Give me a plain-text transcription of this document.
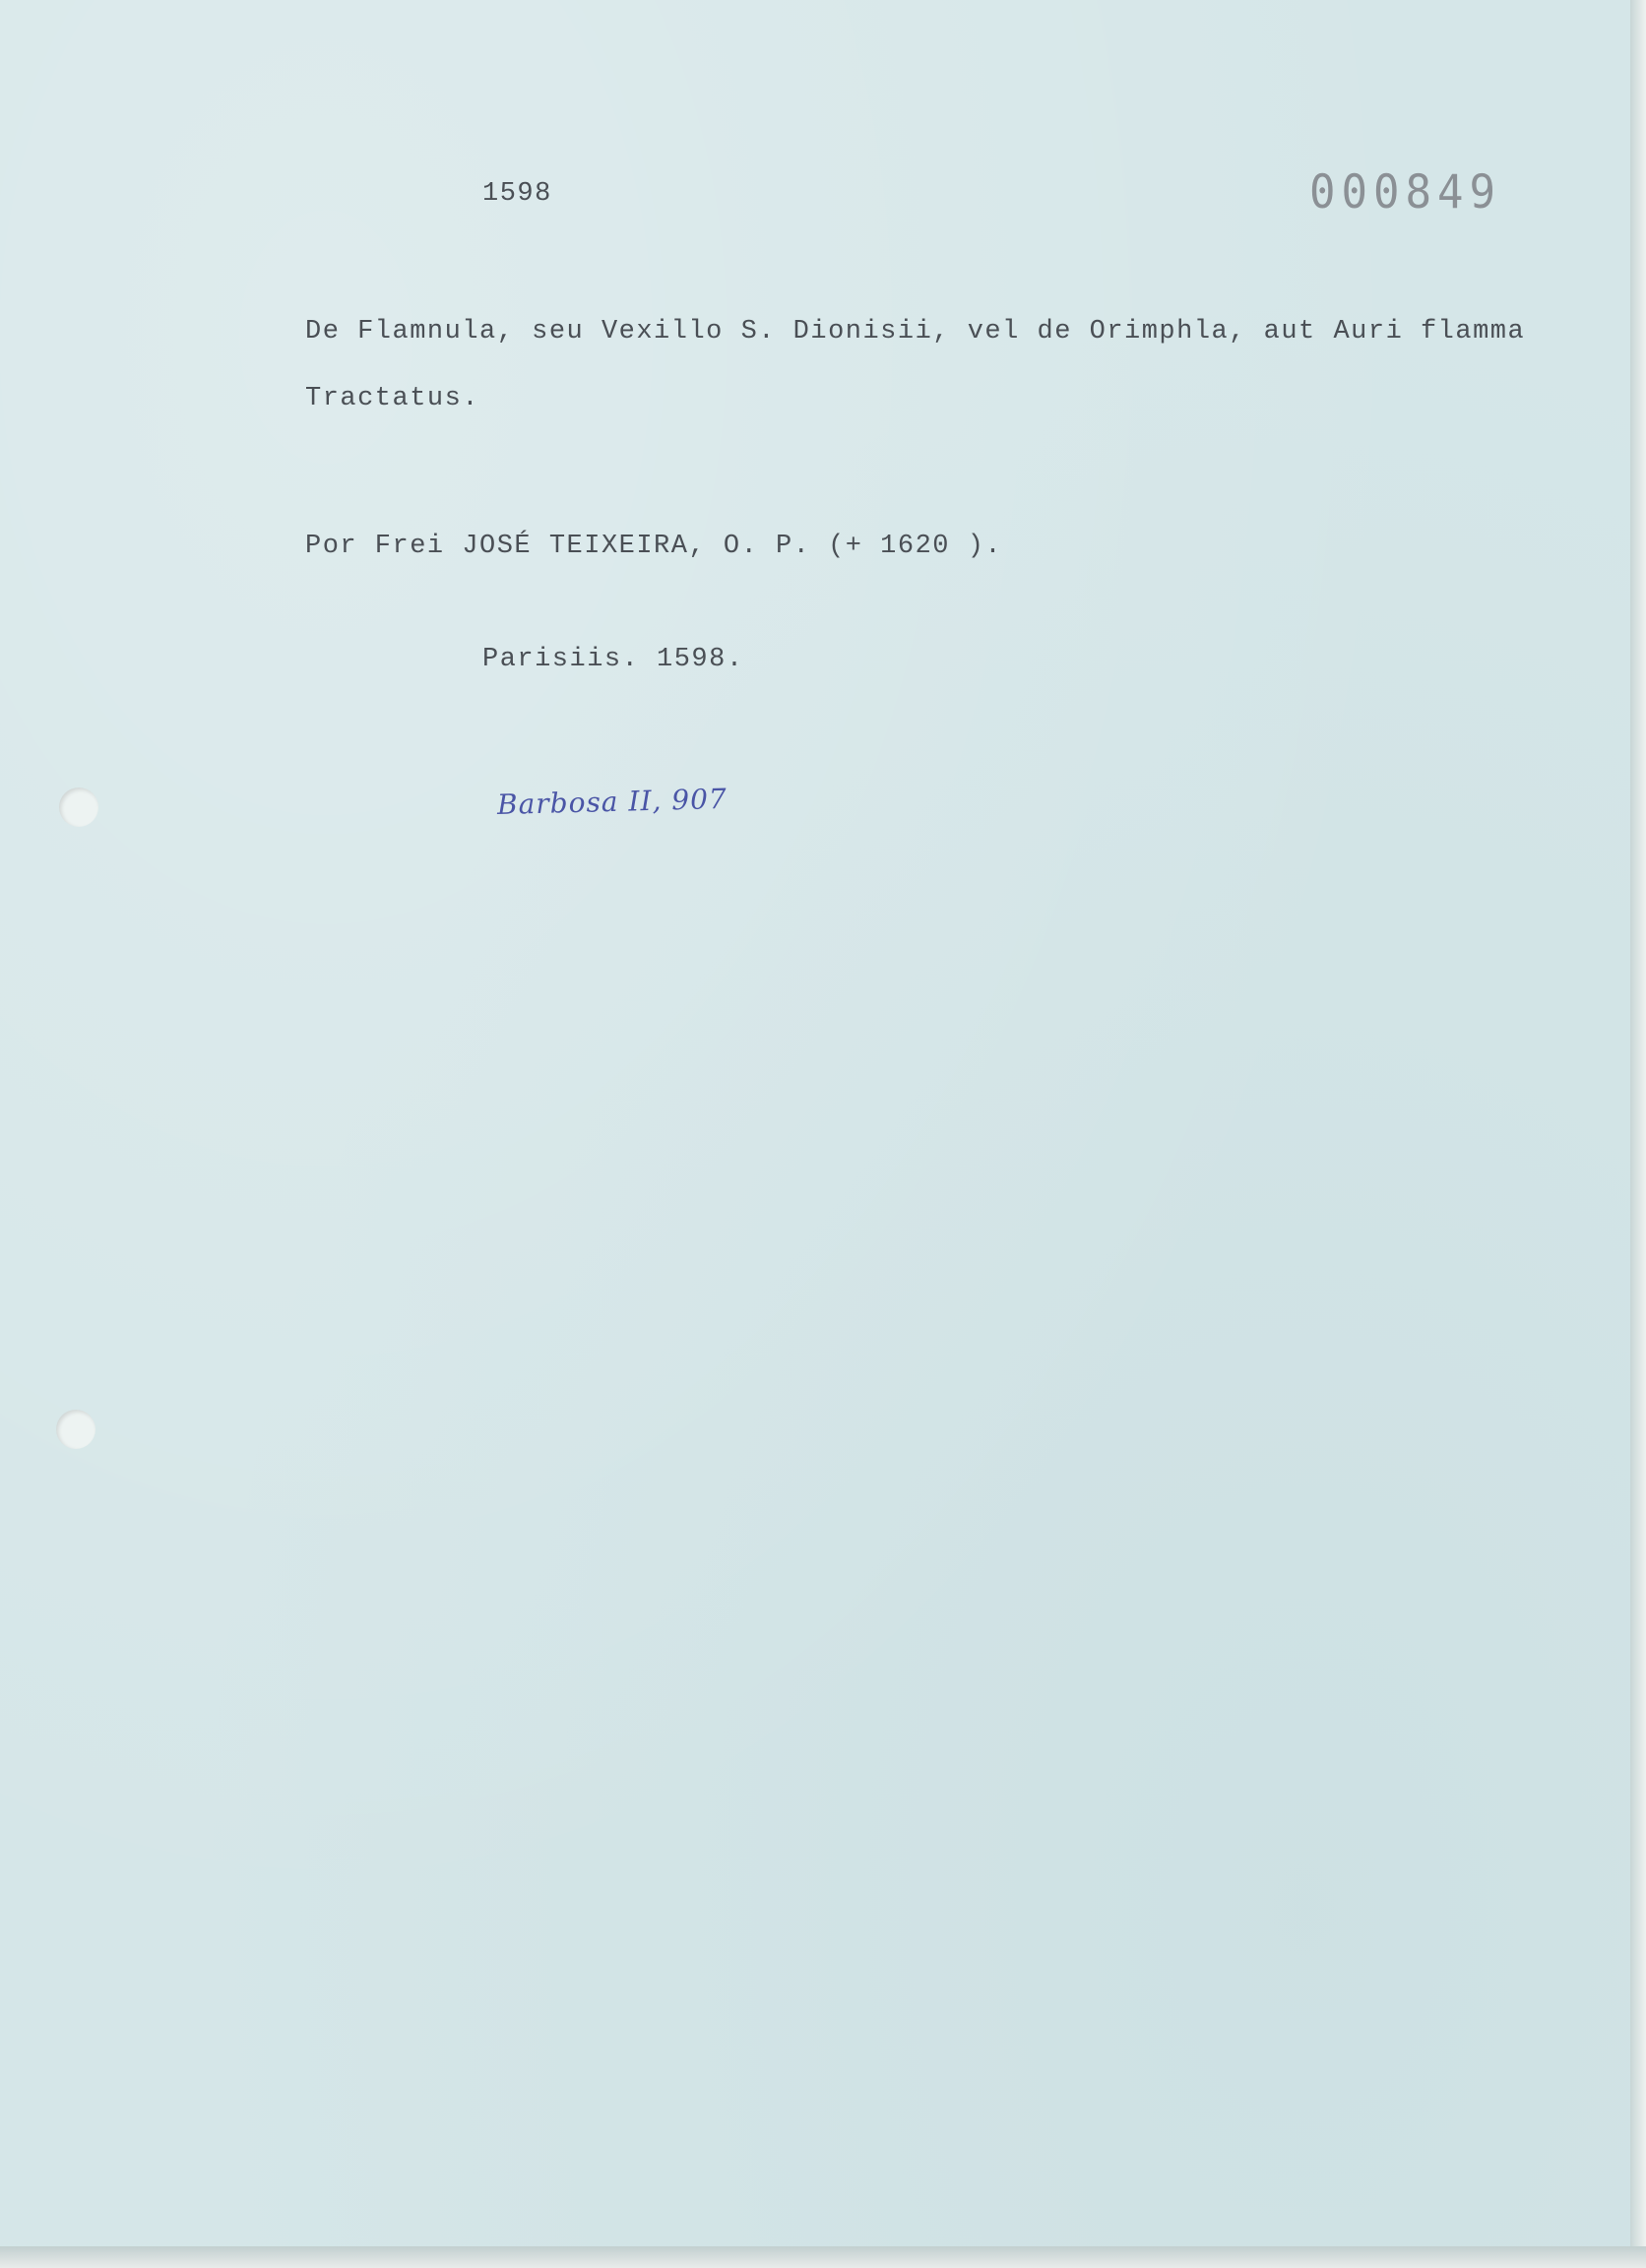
1598	000849

De Flamnula, seu Vexillo S. Dionisii, vel de Orimphla, aut Auri flamma

Tractatus.

Por Frei JOSÉ TEIXEIRA, O. P. (+ 1620 ).

Parisiis. 1598.

Barbosa II, 907
